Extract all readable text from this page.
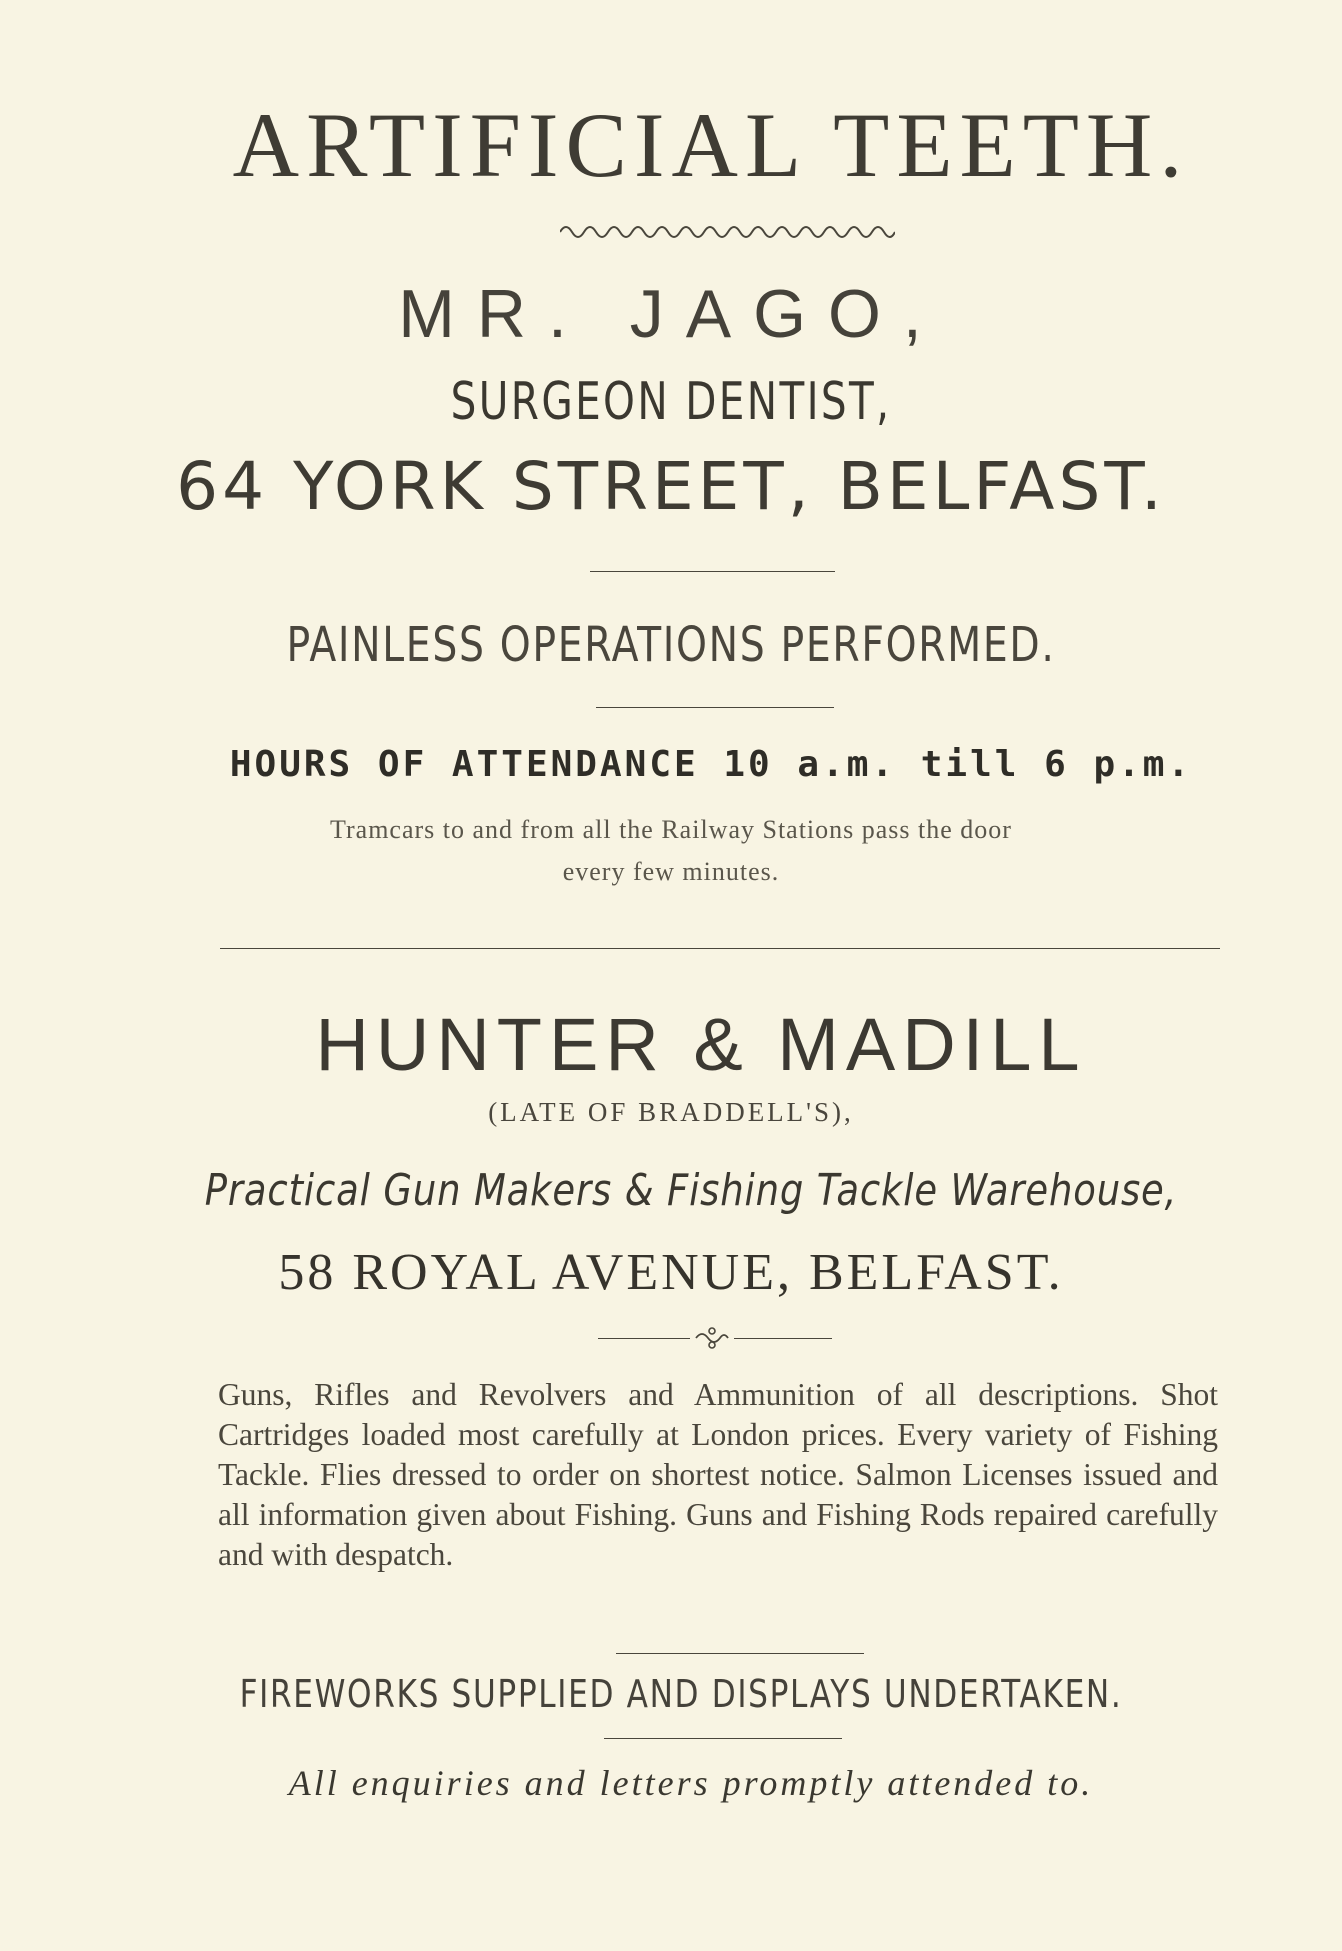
ARTIFICIAL TEETH.
MR. JAGO,
SURGEON DENTIST,
64 YORK STREET, BELFAST.
PAINLESS OPERATIONS PERFORMED.
HOURS OF ATTENDANCE 10 a.m. till 6 p.m.
Tramcars to and from all the Railway Stations pass the door
every few minutes.
HUNTER & MADILL
(LATE OF BRADDELL'S),
Practical Gun Makers & Fishing Tackle Warehouse,
58 ROYAL AVENUE, BELFAST.
Guns, Rifles and Revolvers and Ammunition of all descriptions. Shot Cartridges loaded most carefully at London prices. Every variety of Fishing Tackle. Flies dressed to order on shortest notice. Salmon Licenses issued and all information given about Fishing. Guns and Fishing Rods repaired carefully and with despatch.
FIREWORKS SUPPLIED AND DISPLAYS UNDERTAKEN.
All enquiries and letters promptly attended to.
